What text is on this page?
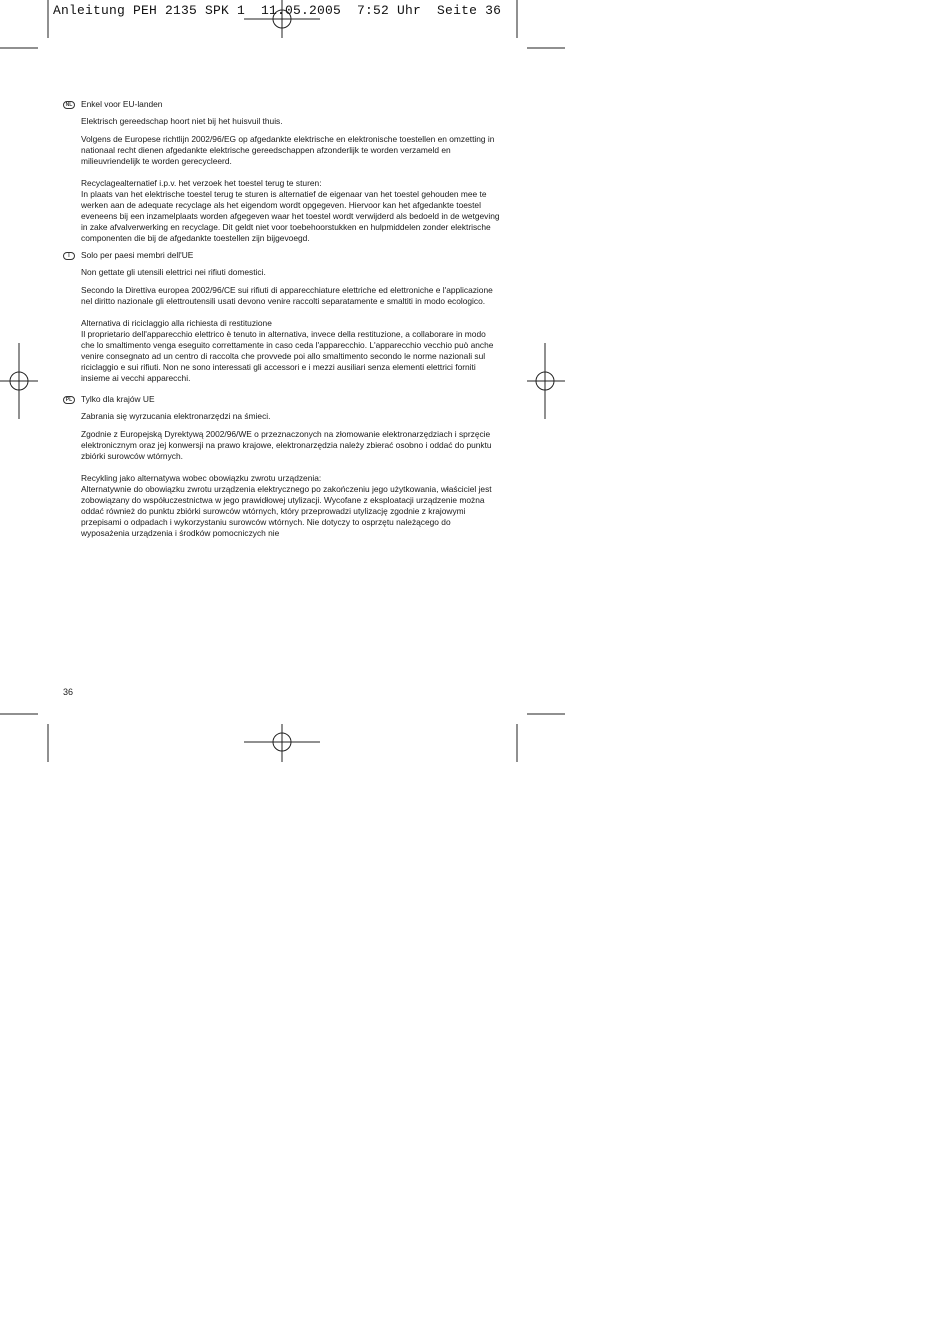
Anleitung PEH 2135 SPK 1  11.05.2005  7:52 Uhr  Seite 36
NL	Enkel voor EU-landen

Elektrisch gereedschap hoort niet bij het huisvuil thuis.

Volgens de Europese richtlijn 2002/96/EG op afgedankte elektrische en elektronische toestellen en omzetting in nationaal recht dienen afgedankte elektrische gereedschappen afzonderlijk te worden verzameld en milieuvriendelijk te worden gerecycleerd.

Recyclagealternatief i.p.v. het verzoek het toestel terug te sturen:

In plaats van het elektrische toestel terug te sturen is alternatief de eigenaar van het toestel gehouden mee te werken aan de adequate recyclage als het eigendom wordt opgegeven. Hiervoor kan het afgedankte toestel eveneens bij een inzamelplaats worden afgegeven waar het toestel wordt verwijderd als bedoeld in de wetgeving in zake afvalverwerking en recyclage. Dit geldt niet voor toebehoorstukken en hulpmiddelen zonder elektrische componenten die bij de afgedankte toestellen zijn bijgevoegd.

I	Solo per paesi membri dell'UE

Non gettate gli utensili elettrici nei rifiuti domestici.

Secondo la Direttiva europea 2002/96/CE sui rifiuti di apparecchiature elettriche ed elettroniche e l'applicazione nel diritto nazionale gli elettroutensili usati devono venire raccolti separatamente e smaltiti in modo ecologico.

Alternativa di riciclaggio alla richiesta di restituzione

Il proprietario dell'apparecchio elettrico è tenuto in alternativa, invece della restituzione, a collaborare in modo che lo smaltimento venga eseguito correttamente in caso ceda l'apparecchio. L'apparecchio vecchio può anche venire consegnato ad un centro di raccolta che provvede poi allo smaltimento secondo le norme nazionali sul riciclaggio e sui rifiuti. Non ne sono interessati gli accessori e i mezzi ausiliari senza elementi elettrici forniti insieme ai vecchi apparecchi.

PL	Tylko dla krajów UE

Zabrania się wyrzucania elektronarzędzi na śmieci.

Zgodnie z Europejską Dyrektywą 2002/96/WE o przeznaczonych na złomowanie elektronarzędziach i sprzęcie elektronicznym oraz jej konwersji na prawo krajowe, elektronarzędzia należy zbierać osobno i oddać do punktu zbiórki surowców wtórnych.

Recykling jako alternatywa wobec obowiązku zwrotu urządzenia:

Alternatywnie do obowiązku zwrotu urządzenia elektrycznego po zakończeniu jego użytkowania, właściciel jest zobowiązany do współuczestnictwa w jego prawidłowej utylizacji. Wycofane z eksploatacji urządzenie można oddać również do punktu zbiórki surowców wtórnych, który przeprowadzi utylizację zgodnie z krajowymi przepisami o odpadach i wykorzystaniu surowców wtórnych. Nie dotyczy to osprzętu należącego do wyposażenia urządzenia i środków pomocniczych nie

36
